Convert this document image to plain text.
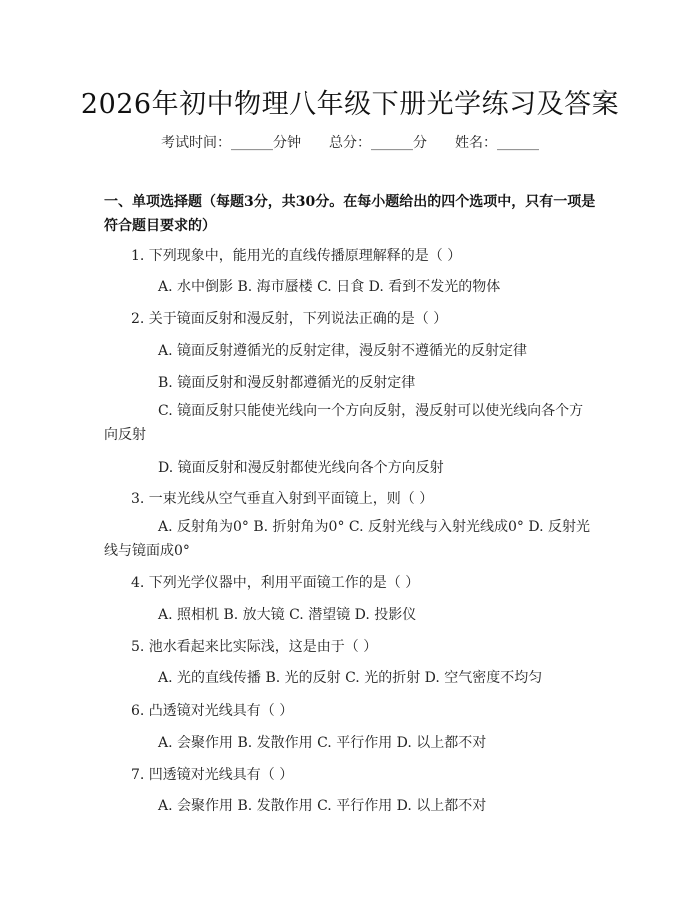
2026年初中物理八年级下册光学练习及答案
考试时间：______分钟 总分：______分 姓名：______
一、单项选择题（每题3分，共30分。在每小题给出的四个选项中，只有一项是符合题目要求的）
1. 下列现象中，能用光的直线传播原理解释的是（ ）
A. 水中倒影 B. 海市蜃楼 C. 日食 D. 看到不发光的物体
2. 关于镜面反射和漫反射，下列说法正确的是（ ）
A. 镜面反射遵循光的反射定律，漫反射不遵循光的反射定律
B. 镜面反射和漫反射都遵循光的反射定律
C. 镜面反射只能使光线向一个方向反射，漫反射可以使光线向各个方向反射
D. 镜面反射和漫反射都使光线向各个方向反射
3. 一束光线从空气垂直入射到平面镜上，则（ ）
A. 反射角为0° B. 折射角为0° C. 反射光线与入射光线成0° D. 反射光线与镜面成0°
4. 下列光学仪器中，利用平面镜工作的是（ ）
A. 照相机 B. 放大镜 C. 潜望镜 D. 投影仪
5. 池水看起来比实际浅，这是由于（ ）
A. 光的直线传播 B. 光的反射 C. 光的折射 D. 空气密度不均匀
6. 凸透镜对光线具有（ ）
A. 会聚作用 B. 发散作用 C. 平行作用 D. 以上都不对
7. 凹透镜对光线具有（ ）
A. 会聚作用 B. 发散作用 C. 平行作用 D. 以上都不对
